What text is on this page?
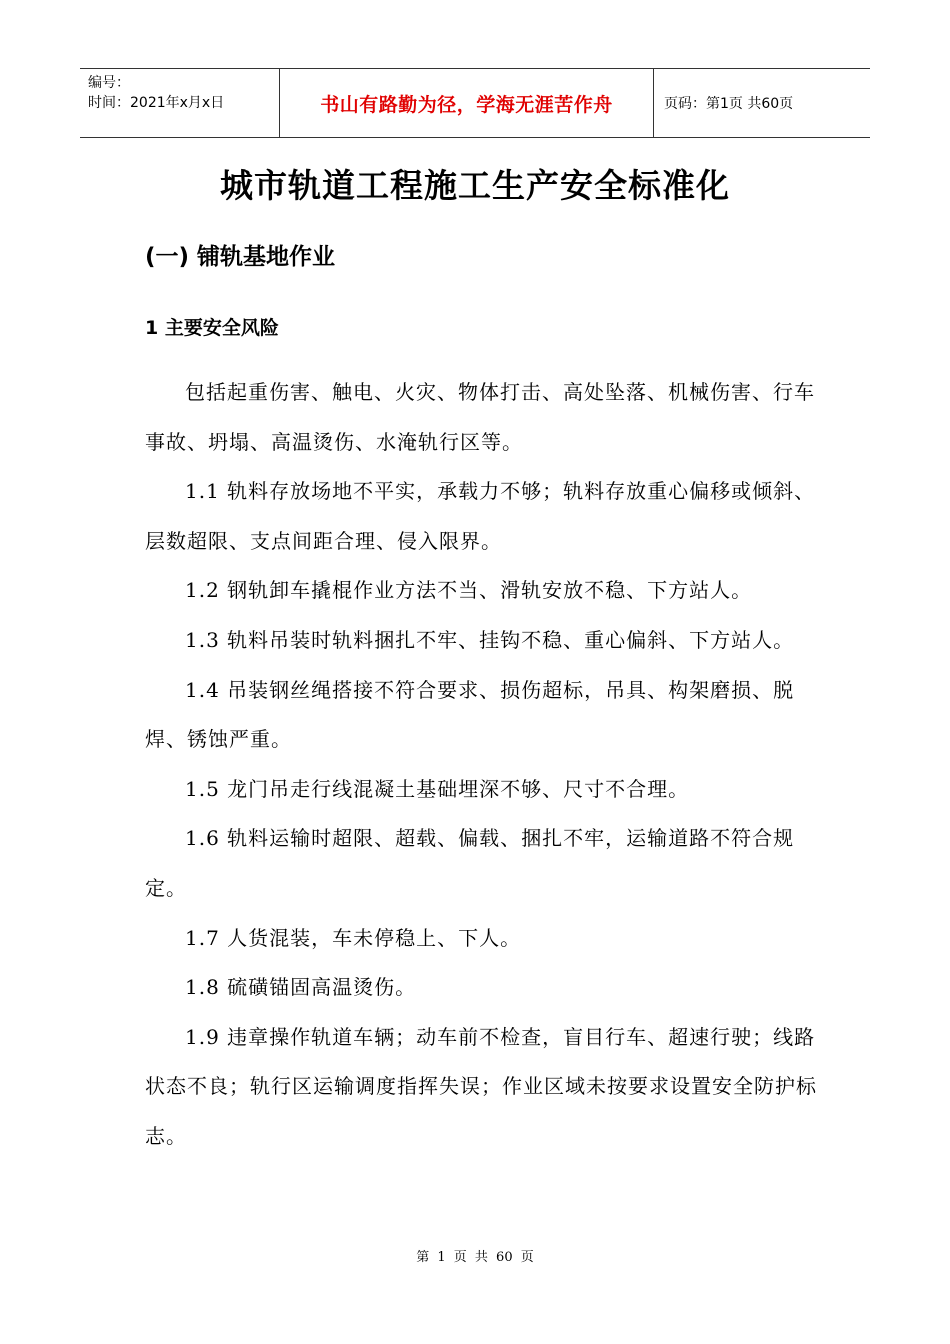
编号：
时间：2021年x月x日	书山有路勤为径，学海无涯苦作舟	页码：第1页 共60页
城市轨道工程施工生产安全标准化
(一) 铺轨基地作业
1 主要安全风险

包括起重伤害、触电、火灾、物体打击、高处坠落、机械伤害、行车事故、坍塌、高温烫伤、水淹轨行区等。

1.1 轨料存放场地不平实，承载力不够；轨料存放重心偏移或倾斜、层数超限、支点间距合理、侵入限界。

1.2 钢轨卸车撬棍作业方法不当、滑轨安放不稳、下方站人。

1.3 轨料吊装时轨料捆扎不牢、挂钩不稳、重心偏斜、下方站人。

1.4 吊装钢丝绳搭接不符合要求、损伤超标，吊具、构架磨损、脱焊、锈蚀严重。

1.5 龙门吊走行线混凝土基础埋深不够、尺寸不合理。

1.6 轨料运输时超限、超载、偏载、捆扎不牢，运输道路不符合规定。

1.7 人货混装，车未停稳上、下人。

1.8 硫磺锚固高温烫伤。

1.9 违章操作轨道车辆；动车前不检查，盲目行车、超速行驶；线路状态不良；轨行区运输调度指挥失误；作业区域未按要求设置安全防护标志。

第 1 页 共 60 页
